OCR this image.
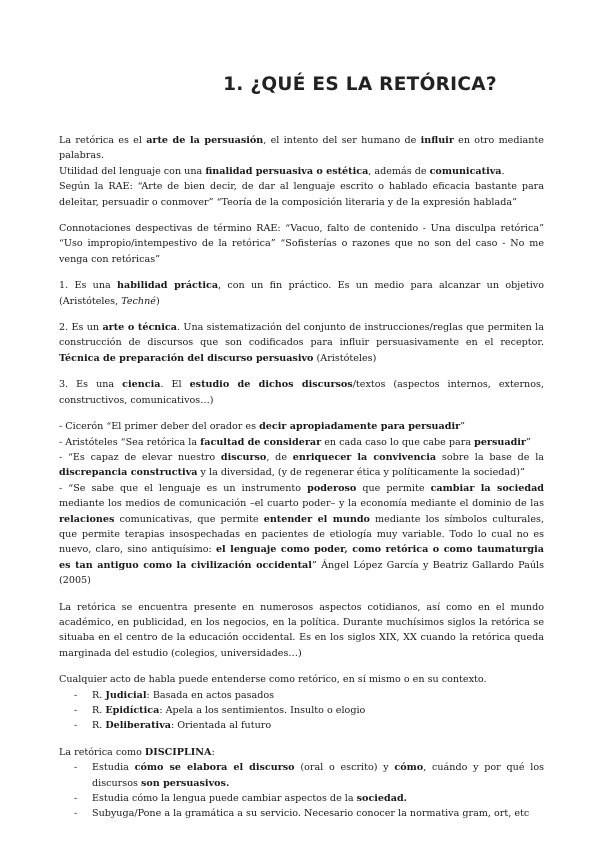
1. ¿QUÉ ES LA RETÓRICA?

La retórica es el arte de la persuasión, el intento del ser humano de influir en otro mediante palabras.

Utilidad del lenguaje con una finalidad persuasiva o estética, además de comunicativa.

Según la RAE: “Arte de bien decir, de dar al lenguaje escrito o hablado eficacia bastante para deleitar, persuadir o conmover” “Teoría de la composición literaria y de la expresión hablada”

Connotaciones despectivas de término RAE: “Vacuo, falto de contenido - Una disculpa retórica” “Uso impropio/intempestivo de la retórica” “Sofisterías o razones que no son del caso - No me venga con retóricas”

1. Es una habilidad práctica, con un fin práctico. Es un medio para alcanzar un objetivo (Aristóteles, Techné)

2. Es un arte o técnica. Una sistematización del conjunto de instrucciones/reglas que permiten la construcción de discursos que son codificados para influir persuasivamente en el receptor. Técnica de preparación del discurso persuasivo (Aristóteles)

3. Es una ciencia. El estudio de dichos discursos/textos (aspectos internos, externos, constructivos, comunicativos…)

- Cicerón “El primer deber del orador es decir apropiadamente para persuadir”

- Aristóteles “Sea retórica la facultad de considerar en cada caso lo que cabe para persuadir”

- “Es capaz de elevar nuestro discurso, de enriquecer la convivencia sobre la base de la discrepancia constructiva y la diversidad, (y de regenerar ética y políticamente la sociedad)”

- “Se sabe que el lenguaje es un instrumento poderoso que permite cambiar la sociedad mediante los medios de comunicación –el cuarto poder– y la economía mediante el dominio de las relaciones comunicativas, que permite entender el mundo mediante los símbolos culturales, que permite terapias insospechadas en pacientes de etiología muy variable. Todo lo cual no es nuevo, claro, sino antiquísimo: el lenguaje como poder, como retórica o como taumaturgia es tan antiguo como la civilización occidental” Ángel López García y Beatriz Gallardo Paúls (2005)

La retórica se encuentra presente en numerosos aspectos cotidianos, así como en el mundo académico, en publicidad, en los negocios, en la política. Durante muchísimos siglos la retórica se situaba en el centro de la educación occidental. Es en los siglos XIX, XX cuando la retórica queda marginada del estudio (colegios, universidades…)

Cualquier acto de habla puede entenderse como retórico, en sí mismo o en su contexto.

- R. Judicial: Basada en actos pasados
- R. Epidíctica: Apela a los sentimientos. Insulto o elogio
- R. Deliberativa: Orientada al futuro

La retórica como DISCIPLINA:

- Estudia cómo se elabora el discurso (oral o escrito) y cómo, cuándo y por qué los discursos son persuasivos.
- Estudia cómo la lengua puede cambiar aspectos de la sociedad.
- Subyuga/Pone a la gramática a su servicio. Necesario conocer la normativa gram, ort, etc
